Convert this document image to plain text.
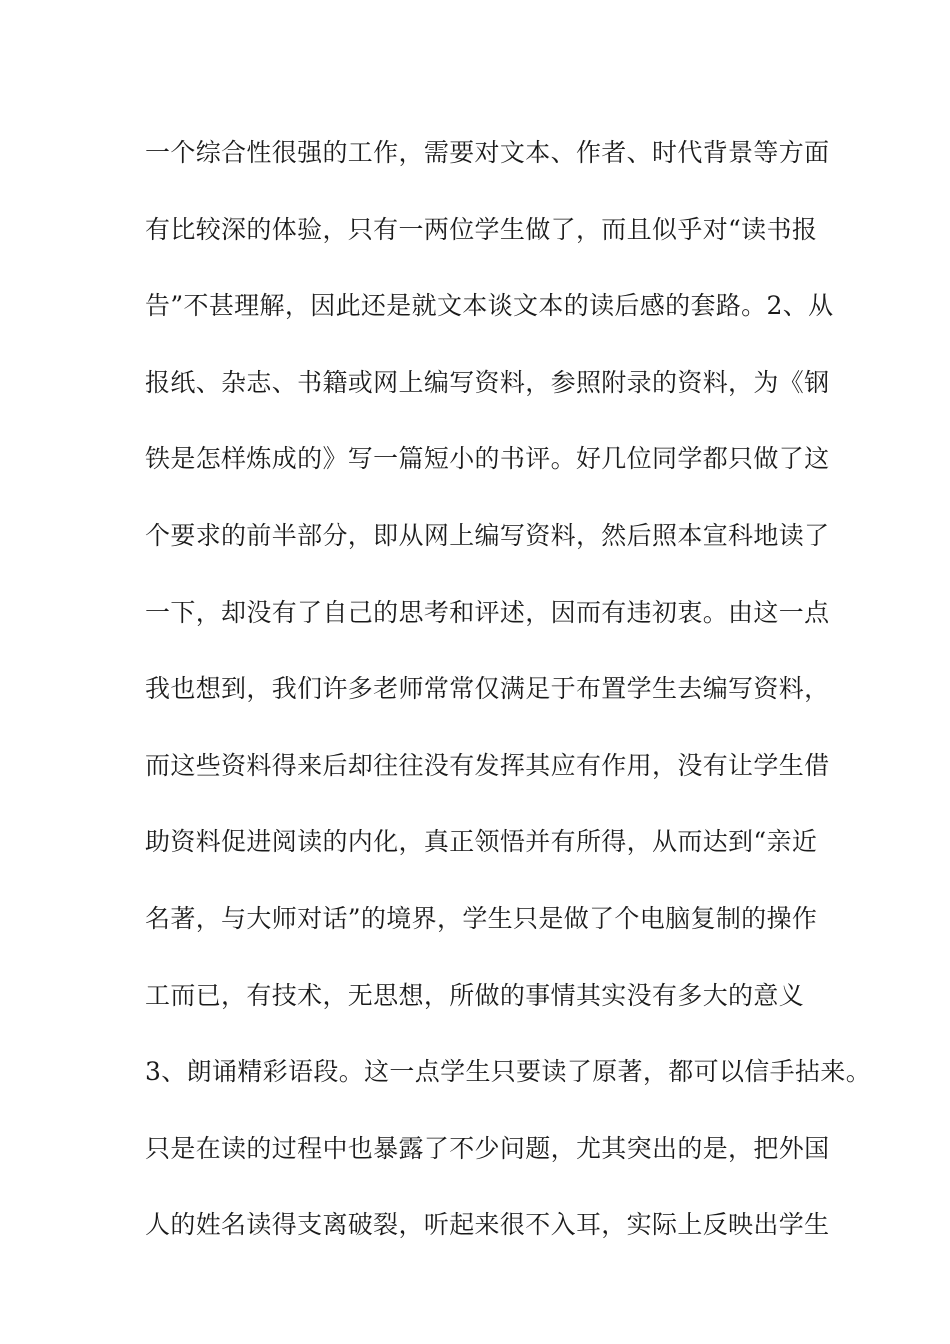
一个综合性很强的工作，需要对文本、作者、时代背景等方面
有比较深的体验，只有一两位学生做了，而且似乎对“读书报
告”不甚理解，因此还是就文本谈文本的读后感的套路。2、从
报纸、杂志、书籍或网上编写资料，参照附录的资料，为《钢
铁是怎样炼成的》写一篇短小的书评。好几位同学都只做了这
个要求的前半部分，即从网上编写资料，然后照本宣科地读了
一下，却没有了自己的思考和评述，因而有违初衷。由这一点
我也想到，我们许多老师常常仅满足于布置学生去编写资料，
而这些资料得来后却往往没有发挥其应有作用，没有让学生借
助资料促进阅读的内化，真正领悟并有所得，从而达到“亲近
名著，与大师对话”的境界，学生只是做了个电脑复制的操作
工而已，有技术，无思想，所做的事情其实没有多大的意义
3、朗诵精彩语段。这一点学生只要读了原著，都可以信手拈来。
只是在读的过程中也暴露了不少问题，尤其突出的是，把外国
人的姓名读得支离破裂，听起来很不入耳，实际上反映出学生
